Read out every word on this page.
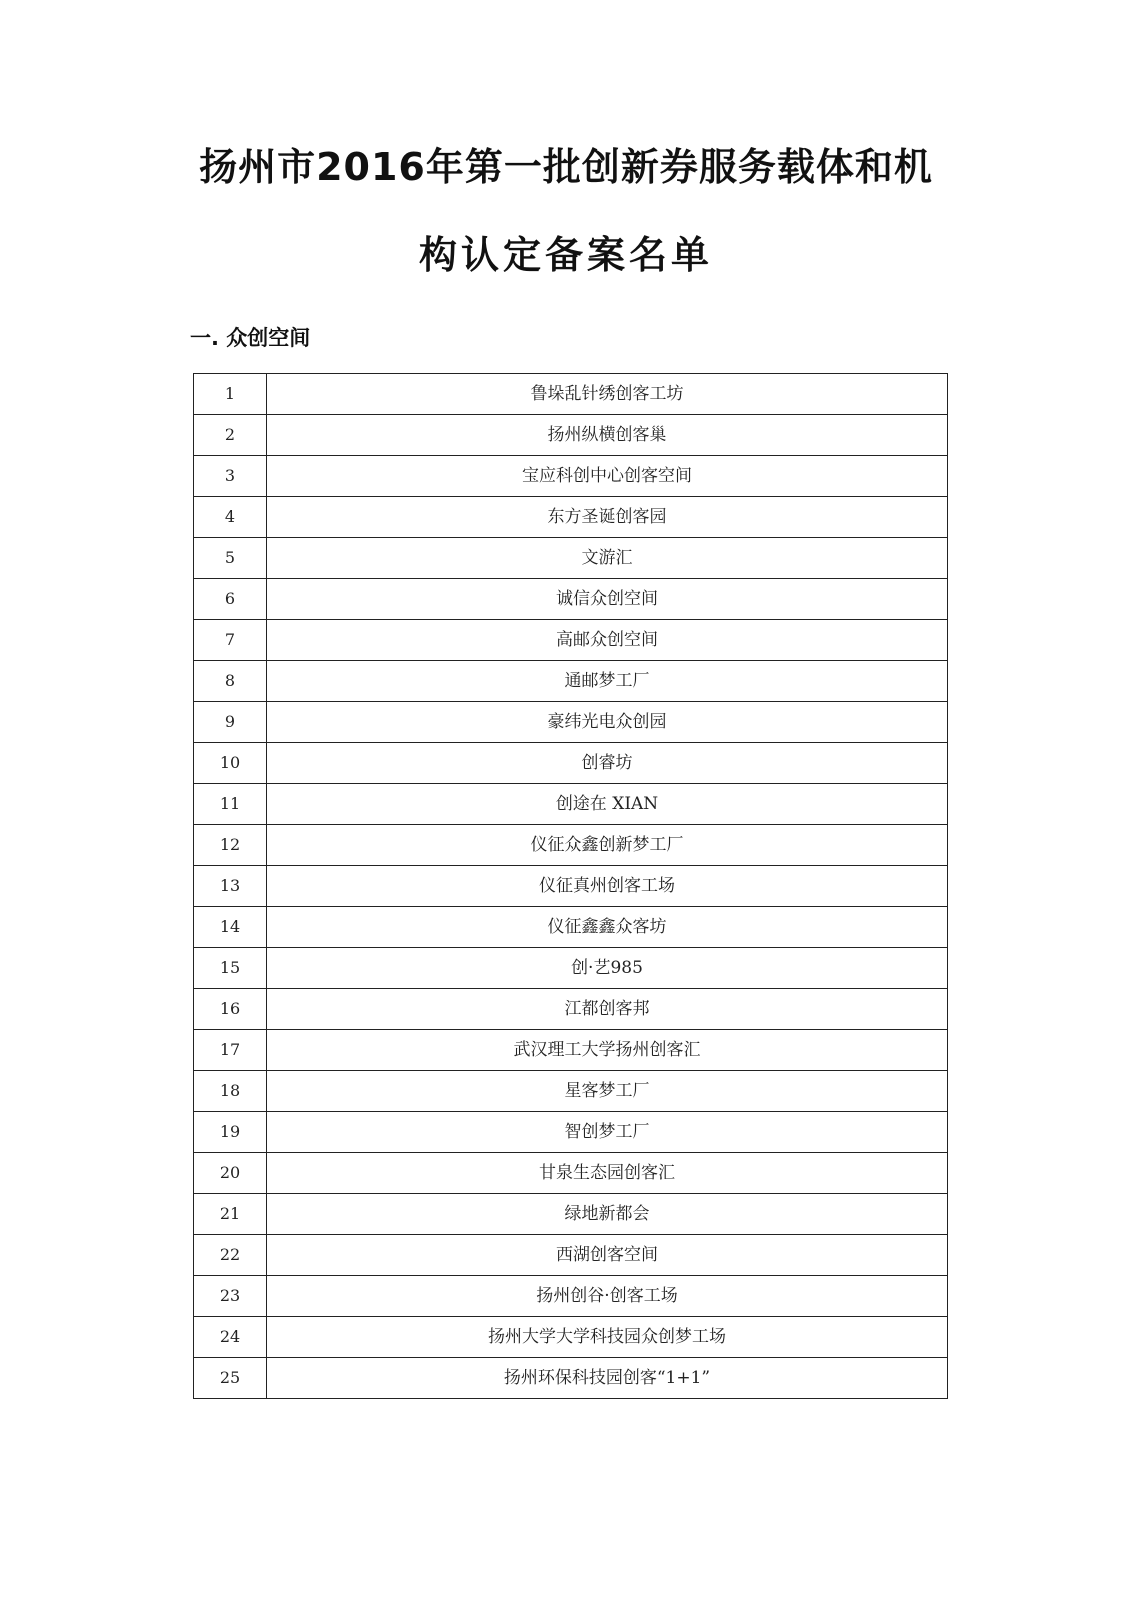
扬州市2016年第一批创新券服务载体和机
构认定备案名单
一. 众创空间
1	鲁垛乱针绣创客工坊
2	扬州纵横创客巢
3	宝应科创中心创客空间
4	东方圣诞创客园
5	文游汇
6	诚信众创空间
7	高邮众创空间
8	通邮梦工厂
9	豪纬光电众创园
10	创睿坊
11	创途在 XIAN
12	仪征众鑫创新梦工厂
13	仪征真州创客工场
14	仪征鑫鑫众客坊
15	创·艺985
16	江都创客邦
17	武汉理工大学扬州创客汇
18	星客梦工厂
19	智创梦工厂
20	甘泉生态园创客汇
21	绿地新都会
22	西湖创客空间
23	扬州创谷·创客工场
24	扬州大学大学科技园众创梦工场
25	扬州环保科技园创客“1+1”
